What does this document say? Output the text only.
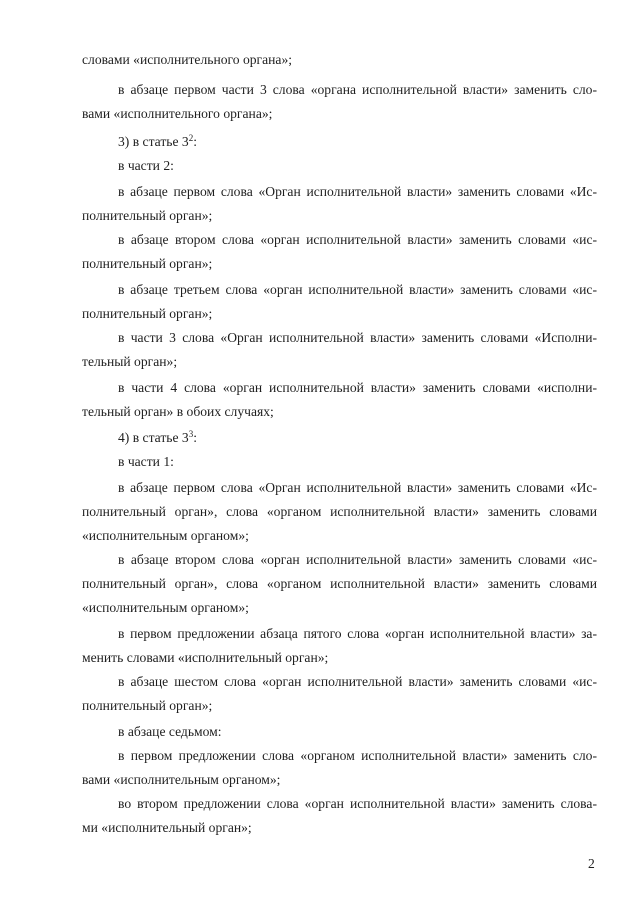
словами «исполнительного органа»;
в абзаце первом части 3 слова «органа исполнительной власти» заменить сло-
вами «исполнительного органа»;
3) в статье $3^2$:
в части 2:
в абзаце первом слова «Орган исполнительной власти» заменить словами «Ис-
полнительный орган»;
в абзаце втором слова «орган исполнительной власти» заменить словами «ис-
полнительный орган»;
в абзаце третьем слова «орган исполнительной власти» заменить словами «ис-
полнительный орган»;
в части 3 слова «Орган исполнительной власти» заменить словами «Исполни-
тельный орган»;
в части 4 слова «орган исполнительной власти» заменить словами «исполни-
тельный орган» в обоих случаях;
4) в статье $3^3$:
в части 1:
в абзаце первом слова «Орган исполнительной власти» заменить словами «Ис-
полнительный орган», слова «органом исполнительной власти» заменить словами
«исполнительным органом»;
в абзаце втором слова «орган исполнительной власти» заменить словами «ис-
полнительный орган», слова «органом исполнительной власти» заменить словами
«исполнительным органом»;
в первом предложении абзаца пятого слова «орган исполнительной власти» за-
менить словами «исполнительный орган»;
в абзаце шестом слова «орган исполнительной власти» заменить словами «ис-
полнительный орган»;
в абзаце седьмом:
в первом предложении слова «органом исполнительной власти» заменить сло-
вами «исполнительным органом»;
во втором предложении слова «орган исполнительной власти» заменить слова-
ми «исполнительный орган»;
2
